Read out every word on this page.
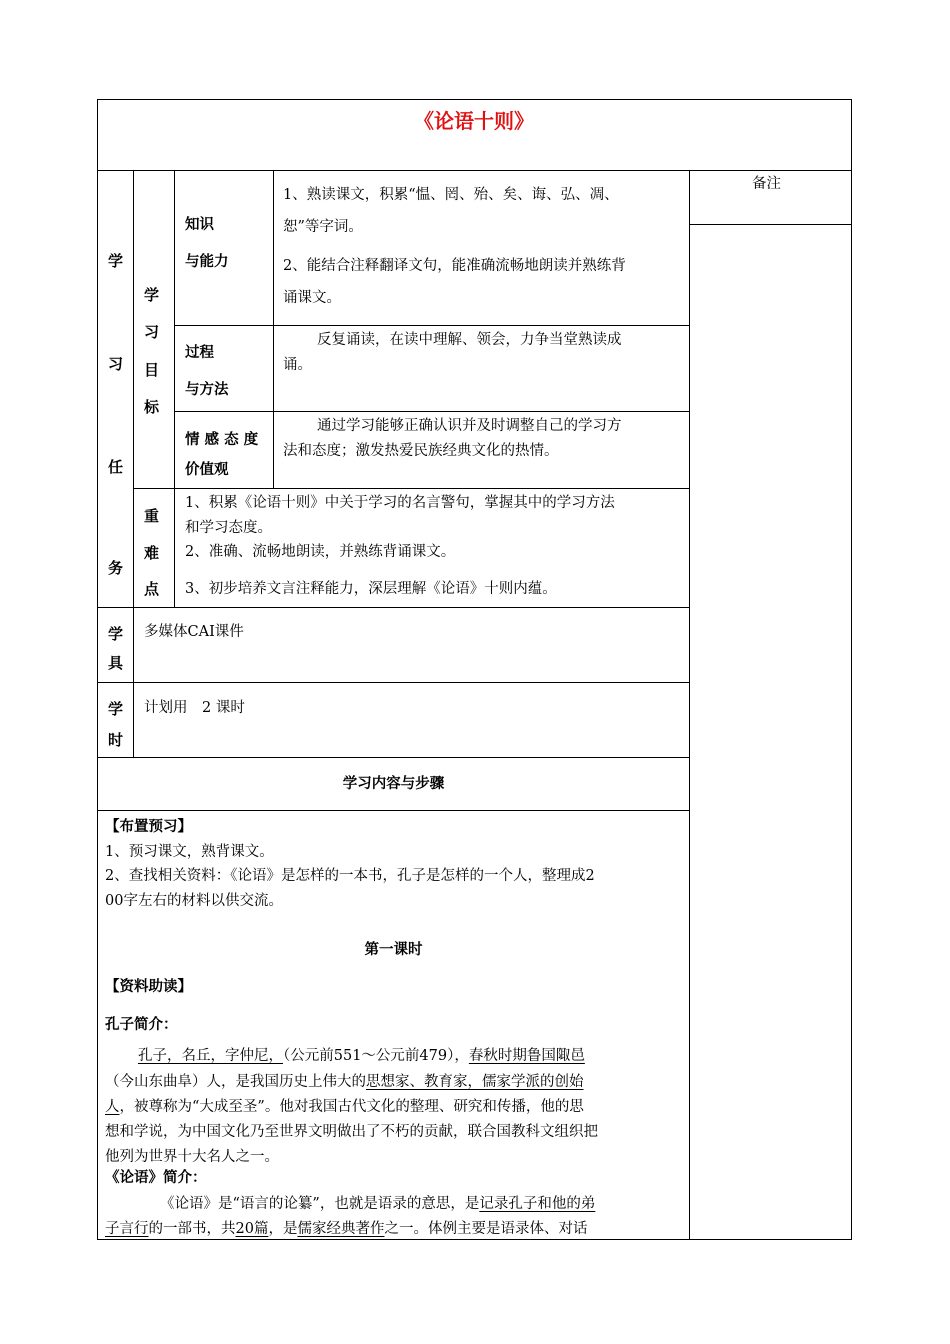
《论语十则》
备注
学
习
任
务
学
习
目
标
知识
与能力
1、熟读课文，积累“愠、罔、殆、矣、诲、弘、凋、
恕”等字词。
2、能结合注释翻译文句，能准确流畅地朗读并熟练背
诵课文。
过程
与方法
反复诵读，在读中理解、领会，力争当堂熟读成
诵。
情 感 态 度
价值观
通过学习能够正确认识并及时调整自己的学习方
法和态度；激发热爱民族经典文化的热情。
重
难
点
1、积累《论语十则》中关于学习的名言警句，掌握其中的学习方法
和学习态度。
2、准确、流畅地朗读，并熟练背诵课文。
3、初步培养文言注释能力，深层理解《论语》十则内蕴。
学
具
多媒体CAI课件
学
时
计划用　2 课时
学习内容与步骤
【布置预习】
1、预习课文，熟背课文。
2、查找相关资料：《论语》是怎样的一本书，孔子是怎样的一个人，整理成2
00字左右的材料以供交流。
第一课时
【资料助读】
孔子简介：
孔子，名丘，字仲尼，（公元前551～公元前479），春秋时期鲁国陬邑
（今山东曲阜）人，是我国历史上伟大的思想家、教育家，儒家学派的创始
人，被尊称为“大成至圣”。他对我国古代文化的整理、研究和传播，他的思
想和学说，为中国文化乃至世界文明做出了不朽的贡献，联合国教科文组织把
他列为世界十大名人之一。
《论语》简介：
《论语》是“语言的论纂”，也就是语录的意思，是记录孔子和他的弟
子言行的一部书，共20篇，是儒家经典著作之一。体例主要是语录体、对话
